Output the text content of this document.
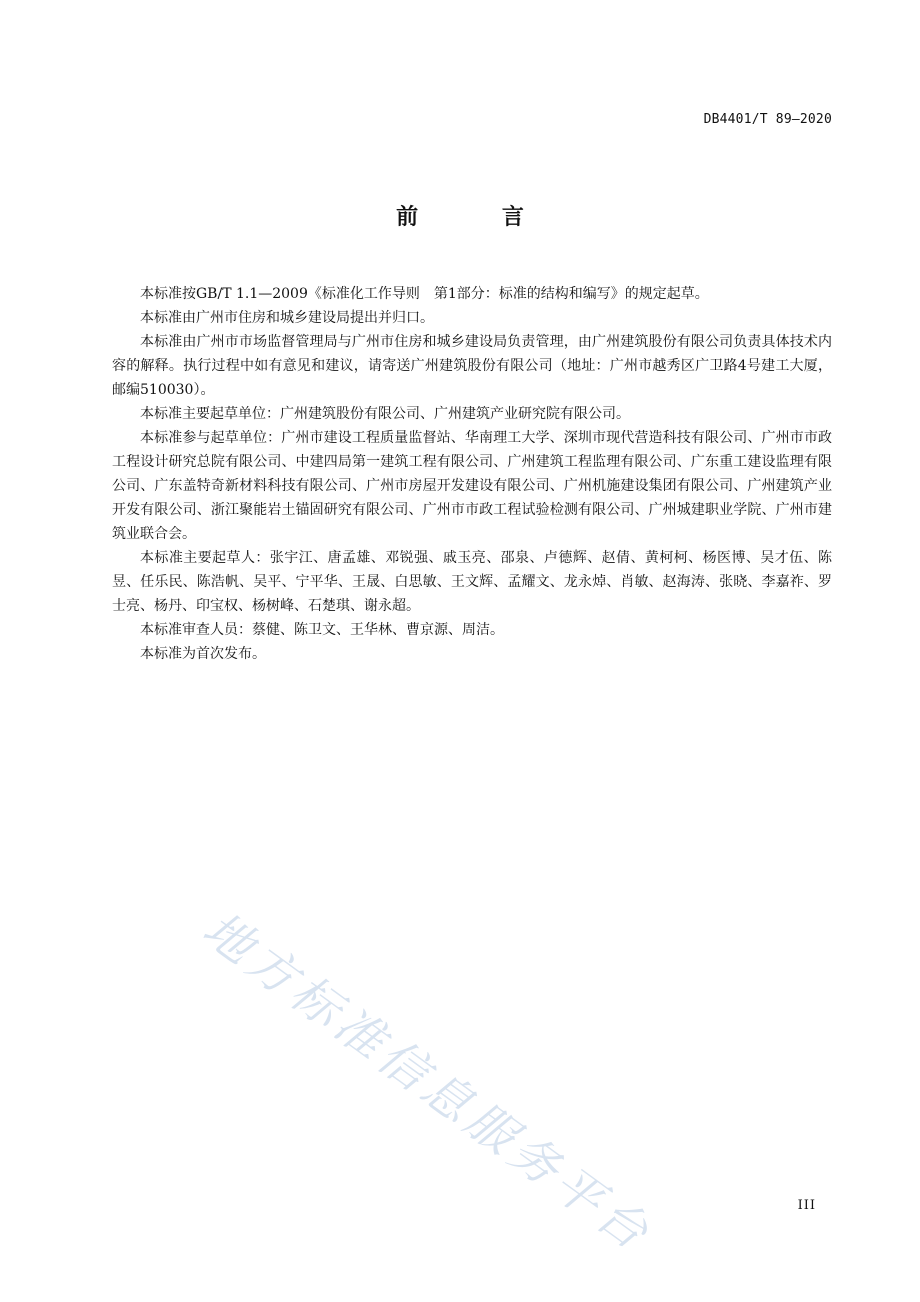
DB4401/T 89—2020
前 言

本标准按GB/T 1.1—2009《标准化工作导则　第1部分：标准的结构和编写》的规定起草。

本标准由广州市住房和城乡建设局提出并归口。

本标准由广州市市场监督管理局与广州市住房和城乡建设局负责管理，由广州建筑股份有限公司负责具体技术内容的解释。执行过程中如有意见和建议，请寄送广州建筑股份有限公司（地址：广州市越秀区广卫路4号建工大厦，邮编510030）。

本标准主要起草单位：广州建筑股份有限公司、广州建筑产业研究院有限公司。

本标准参与起草单位：广州市建设工程质量监督站、华南理工大学、深圳市现代营造科技有限公司、广州市市政工程设计研究总院有限公司、中建四局第一建筑工程有限公司、广州建筑工程监理有限公司、广东重工建设监理有限公司、广东盖特奇新材料科技有限公司、广州市房屋开发建设有限公司、广州机施建设集团有限公司、广州建筑产业开发有限公司、浙江聚能岩土锚固研究有限公司、广州市市政工程试验检测有限公司、广州城建职业学院、广州市建筑业联合会。

本标准主要起草人：张宇江、唐孟雄、邓锐强、戚玉亮、邵泉、卢德辉、赵倩、黄柯柯、杨医博、吴才伍、陈昱、任乐民、陈浩帆、吴平、宁平华、王晟、白思敏、王文辉、孟耀文、龙永焯、肖敏、赵海涛、张晓、李嘉祚、罗士亮、杨丹、印宝权、杨树峰、石楚琪、谢永超。

本标准审查人员：蔡健、陈卫文、王华林、曹京源、周洁。

本标准为首次发布。

地方标准信息服务平台	III
